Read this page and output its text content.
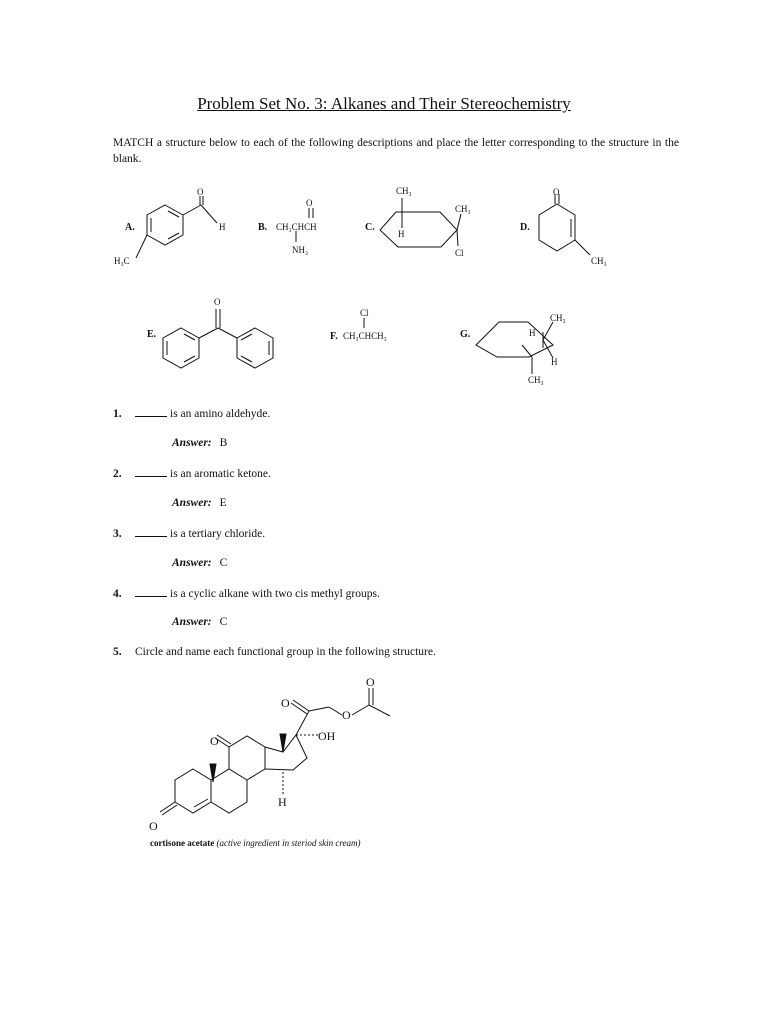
Problem Set No. 3: Alkanes and Their Stereochemistry
MATCH a structure below to each of the following descriptions and place the letter corresponding to the structure in the blank.
A.
O
H
H₃C
B.
O
CH₃CHCH
NH₂
C.
CH₃
CH₃
H
Cl
D.
O
CH₃
E.
O
F.
Cl
CH₃CHCH₃	G.
CH₃
H
H
CH₃
1.	is an amino aldehyde.
Answer: B
2.	is an aromatic ketone.
Answer: E
3.	is a tertiary chloride.
Answer: C
4.	is a cyclic alkane with two cis methyl groups.
Answer: C
5. Circle and name each functional group in the following structure.
O
O
O
OH
O
O
H
cortisone acetate (active ingredient in steriod skin cream)
